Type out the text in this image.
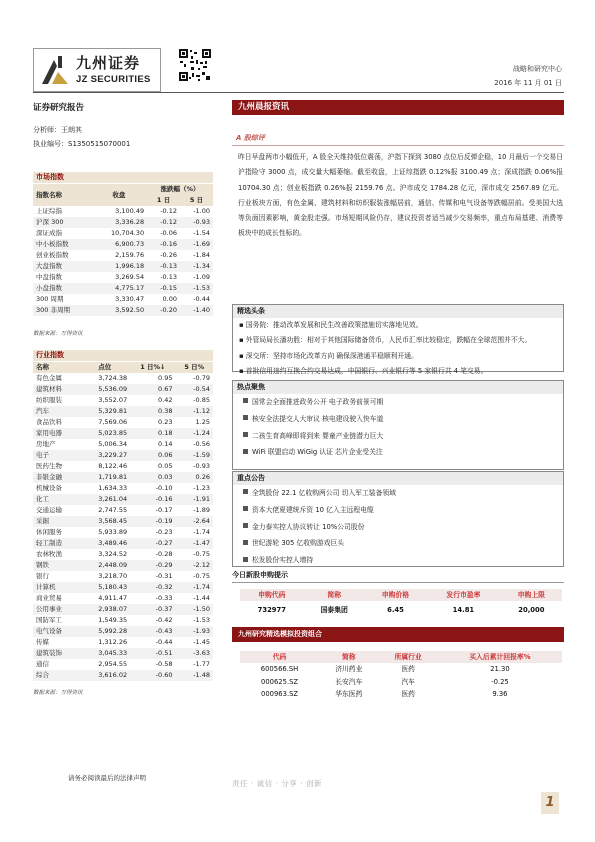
九州证券
JZ SECURITIES
战略和研究中心
2016 年 11 月 01 日
证券研究报告
分析师：王朗其
执业编号：S1350515070001
市场指数
指数名称	收盘	涨跌幅（%）	
		1 日	5 日
上证综指	3,100.49	-0.12	-1.00
沪深 300	3,336.28	-0.12	-0.93
深证成指	10,704.30	-0.06	-1.54
中小板指数	6,900.73	-0.16	-1.69
创业板指数	2,159.76	-0.26	-1.84
大盘指数	1,996.18	-0.13	-1.34
中盘指数	3,269.54	-0.13	-1.09
小盘指数	4,775.17	-0.15	-1.53
300 周期	3,330.47	0.00	-0.44
300 非周期	3,592.50	-0.20	-1.40
数据来源：万得资讯
行业指数
名称	点位	1 日%↓	5 日%
有色金属	3,724.38	0.95	-0.79
建筑材料	5,536.09	0.67	-0.54
纺织服装	3,552.07	0.42	-0.85
汽车	5,329.81	0.38	-1.12
食品饮料	7,569.06	0.23	1.25
家用电器	5,023.85	0.18	-1.24
房地产	5,006.34	0.14	-0.56
电子	3,229.27	0.06	-1.59
医药生物	8,122.46	0.05	-0.93
非银金融	1,719.81	0.03	0.26
机械设备	1,634.33	-0.10	-1.23
化工	3,261.04	-0.16	-1.91
交通运输	2,747.55	-0.17	-1.89
采掘	3,568.45	-0.19	-2.64
休闲服务	5,933.89	-0.23	-1.74
轻工制造	3,489.46	-0.27	-1.47
农林牧渔	3,324.52	-0.28	-0.75
钢铁	2,448.09	-0.29	-2.12
银行	3,218.70	-0.31	-0.75
计算机	5,180.43	-0.32	-1.74
商业贸易	4,911.47	-0.33	-1.44
公用事业	2,938.07	-0.37	-1.50
国防军工	1,549.35	-0.42	-1.53
电气设备	5,992.28	-0.43	-1.93
传媒	1,312.26	-0.44	-1.45
建筑装饰	3,045.33	-0.51	-3.63
通信	2,954.55	-0.58	-1.77
综合	3,616.02	-0.60	-1.48
数据来源：万得资讯
九州晨报资讯
A 股综评
昨日早盘两市小幅低开，A 股全天维持低位震荡，沪指下探到 3080 点位后反弹企稳，10 月最后一个交易日沪指险守 3000 点，成交量大幅萎缩。截至收盘，上证综指跌 0.12%报 3100.49 点；深成指跌 0.06%报 10704.30 点；创业板指跌 0.26%报 2159.76 点。沪市成交 1784.28 亿元，深市成交 2567.89 亿元。行业板块方面，有色金属、建筑材料和纺织服装涨幅居前，通信、传媒和电气设备等跌幅居前。受美国大选等负面因素影响，黄金股走强。市场短期风险仍存，建议投资者适当减少交易频率，重点布局基建、消费等板块中的成长性标的。
精选头条
▪ 国务院：推动改革发展和民生改善政策措施切实落地见效。
▪ 外管局局长潘功胜：相对于其他国际储备货币，人民币汇率比较稳定，跌幅在全球范围并不大。
▪ 深交所：坚持市场化改革方向 确保深港通平稳顺利开通。
▪ 首批信用违约互换合约交易达成，中国银行、兴业银行等 5 家银行共 4 笔交易。
热点聚焦
国常会全面推进政务公开 电子政务前景可期
核安全法提交人大审议 核电建设驶入快车道
二孩生育高峰即将到来 婴童产业链潜力巨大
WiFi 联盟启动 WiGig 认证 芯片企业受关注
重点公告
全筑股份 22.1 亿收购两公司 切入军工装备领域
资本大佬夏建统斥资 10 亿入主远程电缆
金力泰实控人协议转让 10%公司股份
世纪游轮 305 亿收购游戏巨头
松发股份实控人增持
今日新股申购提示
申购代码	简称	申购价格	发行市盈率	申购上限
732977	国泰集团	6.45	14.81	20,000
九州研究精选模拟投资组合
代码	简称	所属行业	买入后累计回报率%
600566.SH	济川药业	医药	21.30
000625.SZ	长安汽车	汽车	-0.25
000963.SZ	华东医药	医药	9.36
请务必阅读最后的法律声明
责任 · 诚信 · 分享 · 创新
1
